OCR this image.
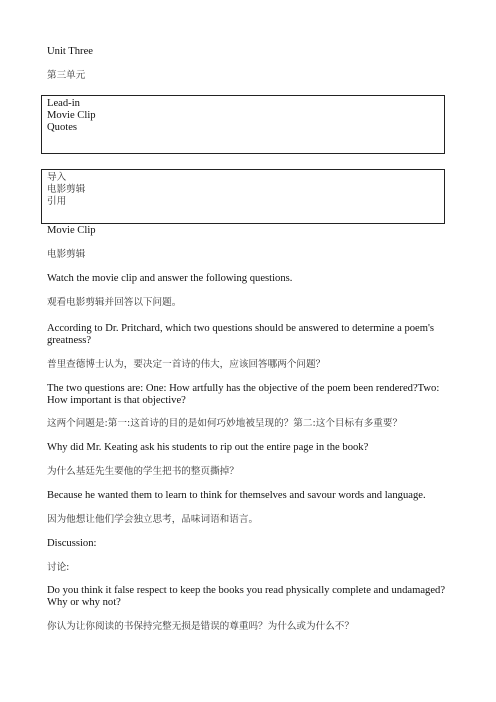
Unit Three

第三单元

Lead-in
Movie Clip
Quotes
导入
电影剪辑
引用

Movie Clip

电影剪辑

Watch the movie clip and answer the following questions.

观看电影剪辑并回答以下问题。

According to Dr. Pritchard, which two questions should be answered to determine a poem's greatness?

普里查德博士认为，要决定一首诗的伟大，应该回答哪两个问题？

The two questions are: One: How artfully has the objective of the poem been rendered?Two: How important is that objective?

这两个问题是:第一:这首诗的目的是如何巧妙地被呈现的？第二:这个目标有多重要？

Why did Mr. Keating ask his students to rip out the entire page in the book?

为什么基廷先生要他的学生把书的整页撕掉？

Because he wanted them to learn to think for themselves and savour words and language.

因为他想让他们学会独立思考，品味词语和语言。

Discussion:

讨论:

Do you think it false respect to keep the books you read physically complete and undamaged?Why or why not?

你认为让你阅读的书保持完整无损是错误的尊重吗？为什么或为什么不？
